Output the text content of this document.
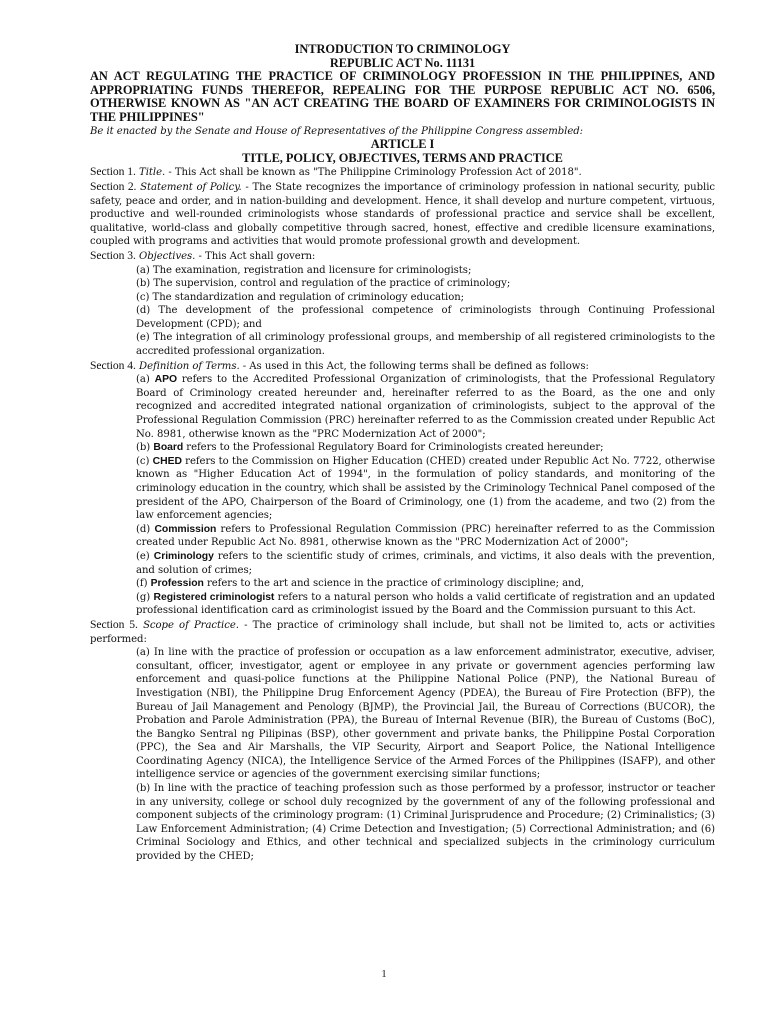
INTRODUCTION TO CRIMINOLOGY

REPUBLIC ACT No. 11131

AN ACT REGULATING THE PRACTICE OF CRIMINOLOGY PROFESSION IN THE PHILIPPINES, AND APPROPRIATING FUNDS THEREFOR, REPEALING FOR THE PURPOSE REPUBLIC ACT NO. 6506, OTHERWISE KNOWN AS "AN ACT CREATING THE BOARD OF EXAMINERS FOR CRIMINOLOGISTS IN THE PHILIPPINES"

Be it enacted by the Senate and House of Representatives of the Philippine Congress assembled:

ARTICLE I

TITLE, POLICY, OBJECTIVES, TERMS AND PRACTICE

Section 1. Title. - This Act shall be known as "The Philippine Criminology Profession Act of 2018".

Section 2. Statement of Policy. - The State recognizes the importance of criminology profession in national security, public safety, peace and order, and in nation-building and development. Hence, it shall develop and nurture competent, virtuous, productive and well-rounded criminologists whose standards of professional practice and service shall be excellent, qualitative, world-class and globally competitive through sacred, honest, effective and credible licensure examinations, coupled with programs and activities that would promote professional growth and development.

Section 3. Objectives. - This Act shall govern:

(a) The examination, registration and licensure for criminologists;

(b) The supervision, control and regulation of the practice of criminology;

(c) The standardization and regulation of criminology education;

(d) The development of the professional competence of criminologists through Continuing Professional Development (CPD); and

(e) The integration of all criminology professional groups, and membership of all registered criminologists to the accredited professional organization.

Section 4. Definition of Terms. - As used in this Act, the following terms shall be defined as follows:

(a) APO refers to the Accredited Professional Organization of criminologists, that the Professional Regulatory Board of Criminology created hereunder and, hereinafter referred to as the Board, as the one and only recognized and accredited integrated national organization of criminologists, subject to the approval of the Professional Regulation Commission (PRC) hereinafter referred to as the Commission created under Republic Act No. 8981, otherwise known as the "PRC Modernization Act of 2000";

(b) Board refers to the Professional Regulatory Board for Criminologists created hereunder;

(c) CHED refers to the Commission on Higher Education (CHED) created under Republic Act No. 7722, otherwise known as "Higher Education Act of 1994", in the formulation of policy standards, and monitoring of the criminology education in the country, which shall be assisted by the Criminology Technical Panel composed of the president of the APO, Chairperson of the Board of Criminology, one (1) from the academe, and two (2) from the law enforcement agencies;

(d) Commission refers to Professional Regulation Commission (PRC) hereinafter referred to as the Commission created under Republic Act No. 8981, otherwise known as the "PRC Modernization Act of 2000";

(e) Criminology refers to the scientific study of crimes, criminals, and victims, it also deals with the prevention, and solution of crimes;

(f) Profession refers to the art and science in the practice of criminology discipline; and,

(g) Registered criminologist refers to a natural person who holds a valid certificate of registration and an updated professional identification card as criminologist issued by the Board and the Commission pursuant to this Act.

Section 5. Scope of Practice. - The practice of criminology shall include, but shall not be limited to, acts or activities performed:

(a) In line with the practice of profession or occupation as a law enforcement administrator, executive, adviser, consultant, officer, investigator, agent or employee in any private or government agencies performing law enforcement and quasi-police functions at the Philippine National Police (PNP), the National Bureau of Investigation (NBI), the Philippine Drug Enforcement Agency (PDEA), the Bureau of Fire Protection (BFP), the Bureau of Jail Management and Penology (BJMP), the Provincial Jail, the Bureau of Corrections (BUCOR), the Probation and Parole Administration (PPA), the Bureau of Internal Revenue (BIR), the Bureau of Customs (BoC), the Bangko Sentral ng Pilipinas (BSP), other government and private banks, the Philippine Postal Corporation (PPC), the Sea and Air Marshalls, the VIP Security, Airport and Seaport Police, the National Intelligence Coordinating Agency (NICA), the Intelligence Service of the Armed Forces of the Philippines (ISAFP), and other intelligence service or agencies of the government exercising similar functions;

(b) In line with the practice of teaching profession such as those performed by a professor, instructor or teacher in any university, college or school duly recognized by the government of any of the following professional and component subjects of the criminology program: (1) Criminal Jurisprudence and Procedure; (2) Criminalistics; (3) Law Enforcement Administration; (4) Crime Detection and Investigation; (5) Correctional Administration; and (6) Criminal Sociology and Ethics, and other technical and specialized subjects in the criminology curriculum provided by the CHED;

1
